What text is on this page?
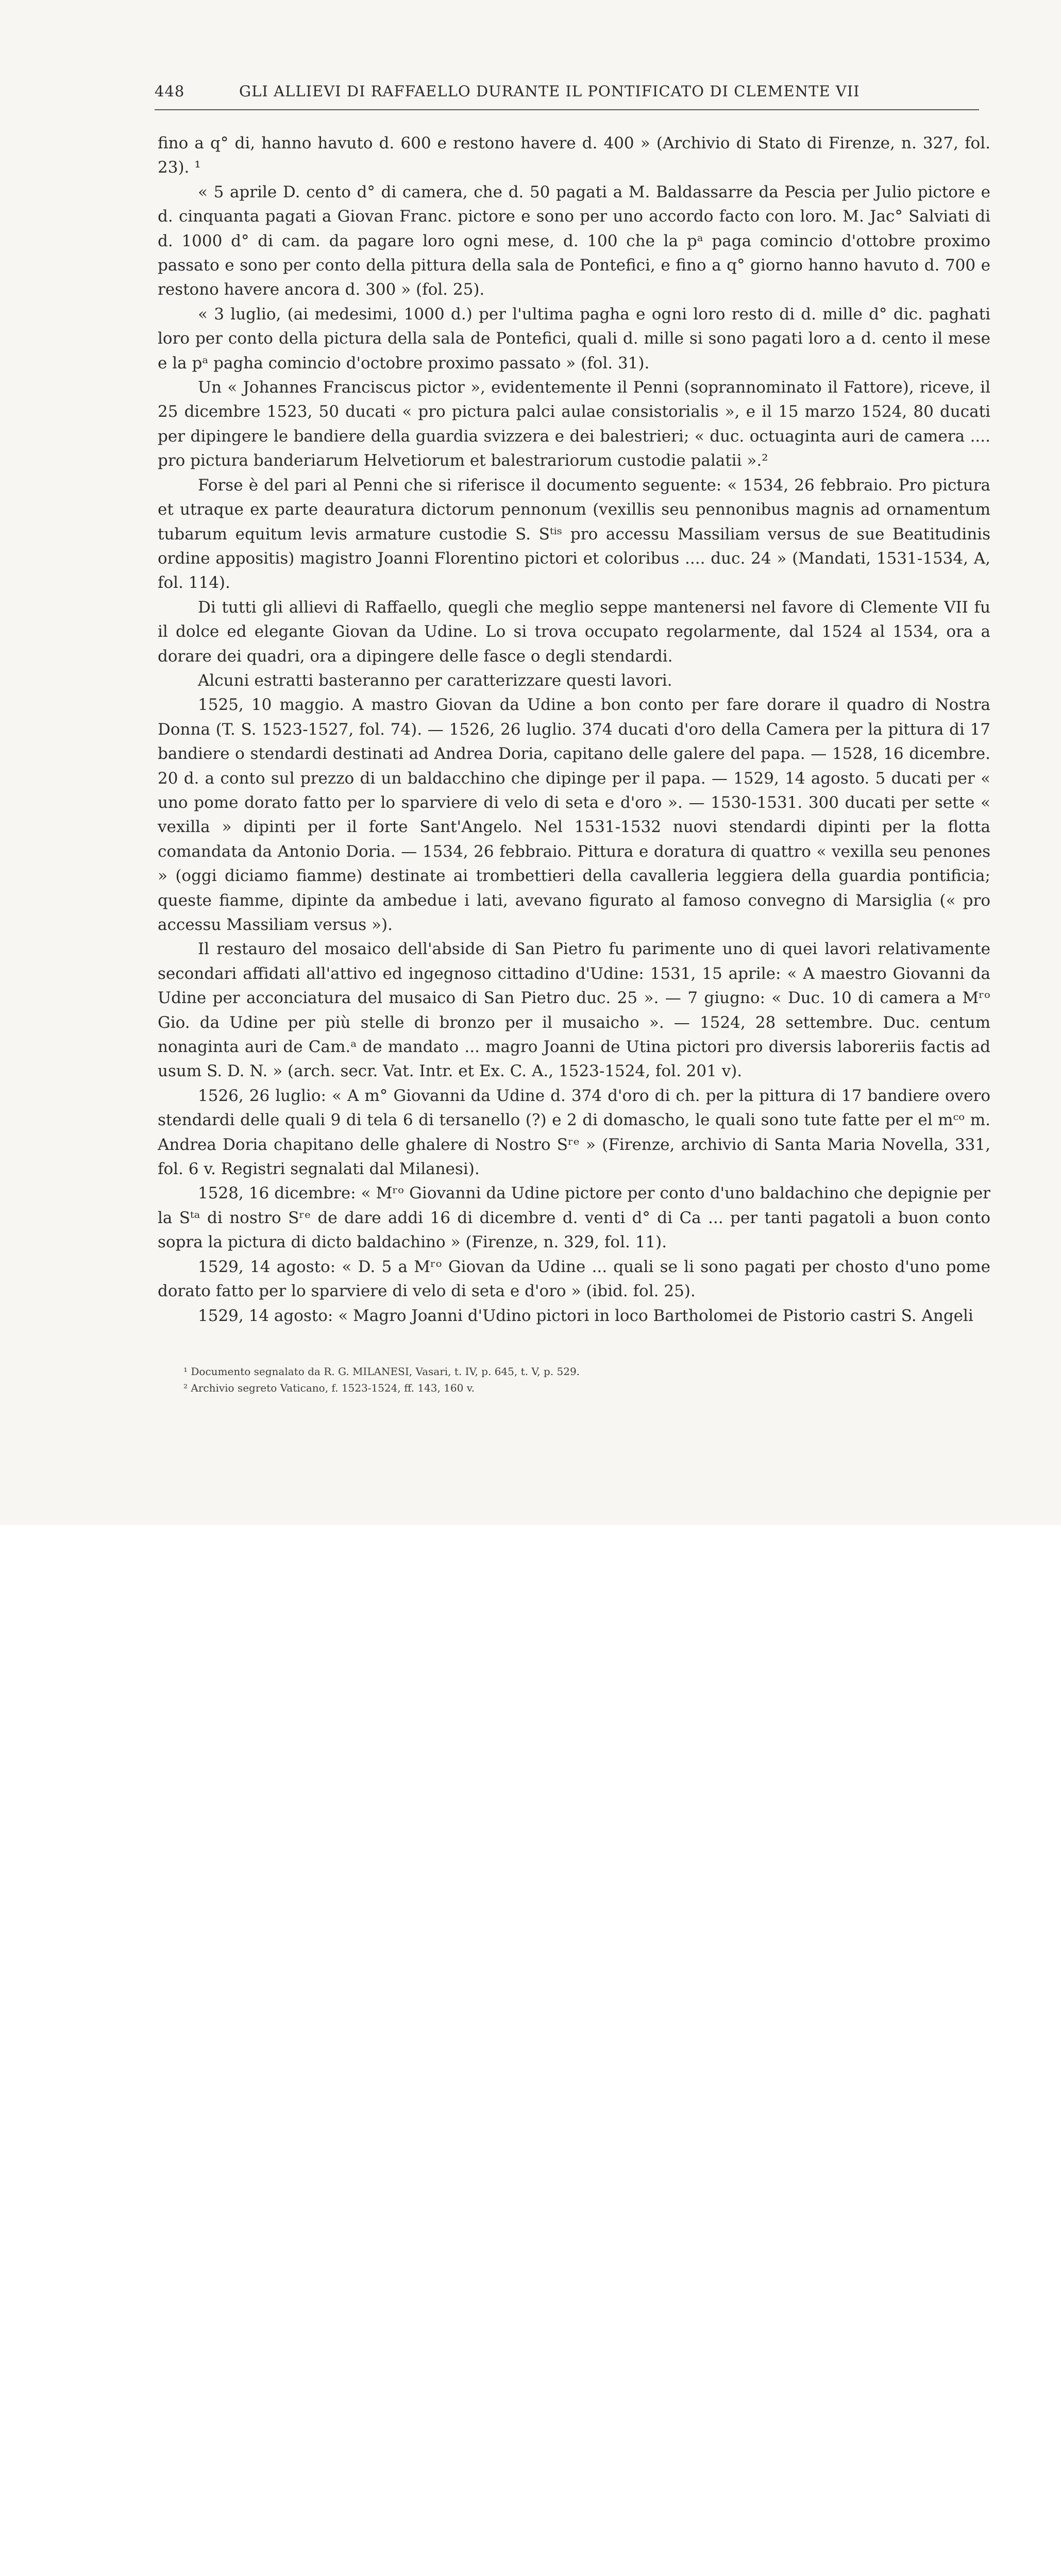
448	GLI ALLIEVI DI RAFFAELLO DURANTE IL PONTIFICATO DI CLEMENTE VII

fino a q° di, hanno havuto d. 600 e restono havere d. 400 » (Archivio di Stato di Firenze, n. 327, fol. 23). ¹

« 5 aprile D. cento d° di camera, che d. 50 pagati a M. Baldassarre da Pescia per Julio pictore e d. cinquanta pagati a Giovan Franc. pictore e sono per uno accordo facto con loro. M. Jac° Salviati di d. 1000 d° di cam. da pagare loro ogni mese, d. 100 che la pᵃ paga comincio d'ottobre proximo passato e sono per conto della pittura della sala de Pontefici, e fino a q° giorno hanno havuto d. 700 e restono havere ancora d. 300 » (fol. 25).

« 3 luglio, (ai medesimi, 1000 d.) per l'ultima pagha e ogni loro resto di d. mille d° dic. paghati loro per conto della pictura della sala de Pontefici, quali d. mille si sono pagati loro a d. cento il mese e la pᵃ pagha comincio d'octobre proximo passato » (fol. 31).

Un « Johannes Franciscus pictor », evidentemente il Penni (soprannominato il Fattore), riceve, il 25 dicembre 1523, 50 ducati « pro pictura palci aulae consistorialis », e il 15 marzo 1524, 80 ducati per dipingere le bandiere della guardia svizzera e dei balestrieri; « duc. octuaginta auri de camera .... pro pictura banderiarum Helvetiorum et balestrariorum custodie palatii ».²

Forse è del pari al Penni che si riferisce il documento seguente: « 1534, 26 febbraio. Pro pictura et utraque ex parte deauratura dictorum pennonum (vexillis seu pennonibus magnis ad ornamentum tubarum equitum levis armature custodie S. Sᵗⁱˢ pro accessu Massiliam versus de sue Beatitudinis ordine appositis) magistro Joanni Florentino pictori et coloribus .... duc. 24 » (Mandati, 1531-1534, A, fol. 114).

Di tutti gli allievi di Raffaello, quegli che meglio seppe mantenersi nel favore di Clemente VII fu il dolce ed elegante Giovan da Udine. Lo si trova occupato regolarmente, dal 1524 al 1534, ora a dorare dei quadri, ora a dipingere delle fasce o degli stendardi.

Alcuni estratti basteranno per caratterizzare questi lavori.

1525, 10 maggio. A mastro Giovan da Udine a bon conto per fare dorare il quadro di Nostra Donna (T. S. 1523-1527, fol. 74). — 1526, 26 luglio. 374 ducati d'oro della Camera per la pittura di 17 bandiere o stendardi destinati ad Andrea Doria, capitano delle galere del papa. — 1528, 16 dicembre. 20 d. a conto sul prezzo di un baldacchino che dipinge per il papa. — 1529, 14 agosto. 5 ducati per « uno pome dorato fatto per lo sparviere di velo di seta e d'oro ». — 1530-1531. 300 ducati per sette « vexilla » dipinti per il forte Sant'Angelo. Nel 1531-1532 nuovi stendardi dipinti per la flotta comandata da Antonio Doria. — 1534, 26 febbraio. Pittura e doratura di quattro « vexilla seu penones » (oggi diciamo fiamme) destinate ai trombettieri della cavalleria leggiera della guardia pontificia; queste fiamme, dipinte da ambedue i lati, avevano figurato al famoso convegno di Marsiglia (« pro accessu Massiliam versus »).

Il restauro del mosaico dell'abside di San Pietro fu parimente uno di quei lavori relativamente secondari affidati all'attivo ed ingegnoso cittadino d'Udine: 1531, 15 aprile: « A maestro Giovanni da Udine per acconciatura del musaico di San Pietro duc. 25 ». — 7 giugno: « Duc. 10 di camera a Mʳᵒ Gio. da Udine per più stelle di bronzo per il musaicho ». — 1524, 28 settembre. Duc. centum nonaginta auri de Cam.ᵃ de mandato ... magro Joanni de Utina pictori pro diversis laboreriis factis ad usum S. D. N. » (arch. secr. Vat. Intr. et Ex. C. A., 1523-1524, fol. 201 v).

1526, 26 luglio: « A m° Giovanni da Udine d. 374 d'oro di ch. per la pittura di 17 bandiere overo stendardi delle quali 9 di tela 6 di tersanello (?) e 2 di domascho, le quali sono tute fatte per el mᶜᵒ m. Andrea Doria chapitano delle ghalere di Nostro Sʳᵉ » (Firenze, archivio di Santa Maria Novella, 331, fol. 6 v. Registri segnalati dal Milanesi).

1528, 16 dicembre: « Mʳᵒ Giovanni da Udine pictore per conto d'uno baldachino che depignie per la Sᵗᵃ di nostro Sʳᵉ de dare addi 16 di dicembre d. venti d° di Ca ... per tanti pagatoli a buon conto sopra la pictura di dicto baldachino » (Firenze, n. 329, fol. 11).

1529, 14 agosto: « D. 5 a Mʳᵒ Giovan da Udine ... quali se li sono pagati per chosto d'uno pome dorato fatto per lo sparviere di velo di seta e d'oro » (ibid. fol. 25).

1529, 14 agosto: « Magro Joanni d'Udino pictori in loco Bartholomei de Pistorio castri S. Angeli

¹ Documento segnalato da R. G. MILANESI, Vasari, t. IV, p. 645, t. V, p. 529.
² Archivio segreto Vaticano, f. 1523-1524, ff. 143, 160 v.
